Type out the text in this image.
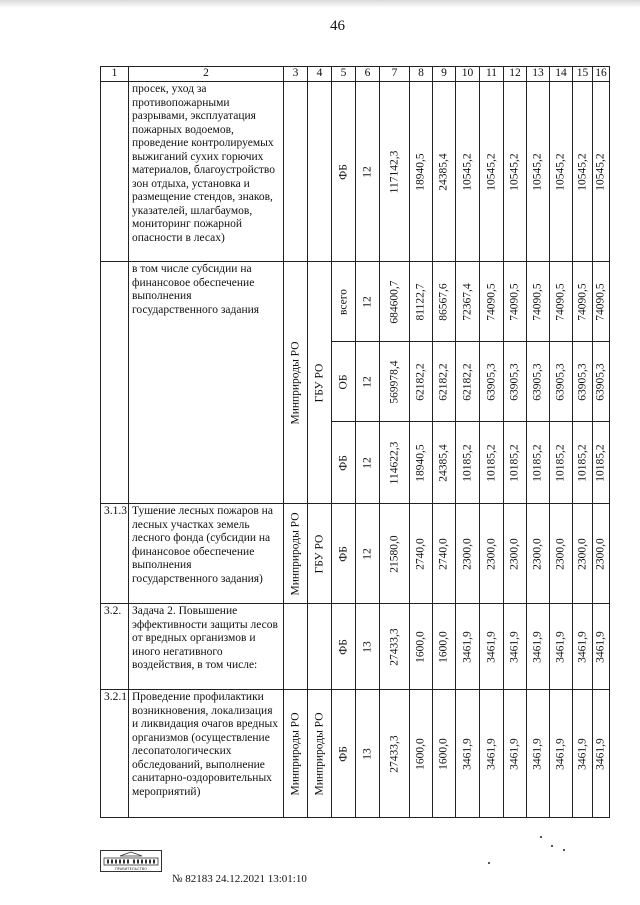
46
1	2	3	4	5	6	7	8	9	10	11	12	13	14	15	16
	просек, уход за противопожарными разрывами, эксплуатация пожарных водоемов, проведение контролируемых выжиганий сухих горючих материалов, благоустройство зон отдыха, установка и размещение стендов, знаков, указателей, шлагбаумов, мониторинг пожарной опасности в лесах)			ФБ	12	117142,3	18940,5	24385,4	10545,2	10545,2	10545,2	10545,2	10545,2	10545,2	10545,2

	в том числе субсидии на финансовое обеспечение выполнения государственного задания	Минприроды РО	ГБУ РО	всего	12	684600,7	81122,7	86567,6	72367,4	74090,5	74090,5	74090,5	74090,5	74090,5	74090,5

				ОБ	12	569978,4	62182,2	62182,2	62182,2	63905,3	63905,3	63905,3	63905,3	63905,3	63905,3

				ФБ	12	114622,3	18940,5	24385,4	10185,2	10185,2	10185,2	10185,2	10185,2	10185,2	10185,2

3.1.3	Тушение лесных пожаров на лесных участках земель лесного фонда (субсидии на финансовое обеспечение выполнения государственного задания)	Минприроды РО	ГБУ РО	ФБ	12	21580,0	2740,0	2740,0	2300,0	2300,0	2300,0	2300,0	2300,0	2300,0	2300,0

3.2.	Задача 2. Повышение эффективности защиты лесов от вредных организмов и иного негативного воздействия, в том числе:			ФБ	13	27433,3	1600,0	1600,0	3461,9	3461,9	3461,9	3461,9	3461,9	3461,9	3461,9

3.2.1	Проведение профилактики возникновения, локализация и ликвидация очагов вредных организмов (осуществление лесопатологических обследований, выполнение санитарно-оздоровительных мероприятий)	Минприроды РО	Минприроды РО	ФБ	13	27433,3	1600,0	1600,0	3461,9	3461,9	3461,9	3461,9	3461,9	3461,9	3461,9
ПРАВИТЕЛЬСТВО
№ 82183 24.12.2021 13:01:10
